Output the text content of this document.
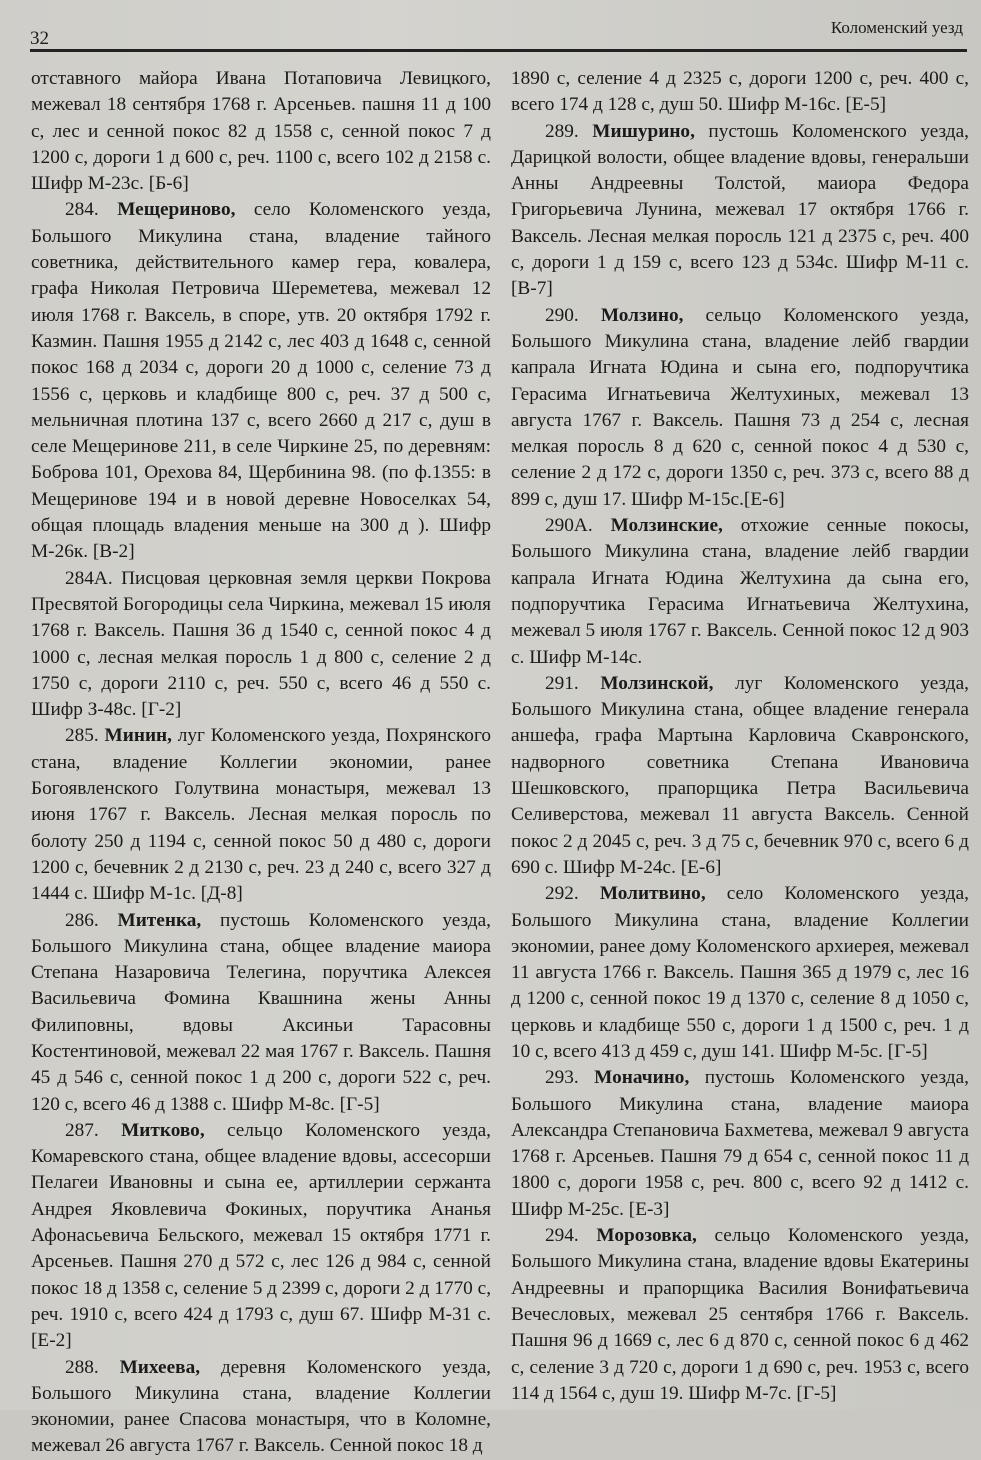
32
Коломенский уезд

отставного майора Ивана Потаповича Левицкого, межевал 18 сентября 1768 г. Арсеньев. пашня 11 д 100 с, лес и сенной покос 82 д 1558 с, сенной покос 7 д 1200 с, дороги 1 д 600 с, реч. 1100 с, всего 102 д 2158 с. Шифр М-23с. [Б-6]

284. Мещериново, село Коломенского уезда, Большого Микулина стана, владение тайного советника, действительного камер гера, ковалера, графа Николая Петровича Шереметева, межевал 12 июля 1768 г. Ваксель, в споре, утв. 20 октября 1792 г. Казмин. Пашня 1955 д 2142 с, лес 403 д 1648 с, сенной покос 168 д 2034 с, дороги 20 д 1000 с, селение 73 д 1556 с, церковь и кладбище 800 с, реч. 37 д 500 с, мельничная плотина 137 с, всего 2660 д 217 с, душ в селе Мещеринове 211, в селе Чиркине 25, по деревням: Боброва 101, Орехова 84, Щербинина 98. (по ф.1355: в Мещеринове 194 и в новой деревне Новоселках 54, общая площадь владения меньше на 300 д ). Шифр М-26к. [В-2]

284А. Писцовая церковная земля церкви Покрова Пресвятой Богородицы села Чиркина, межевал 15 июля 1768 г. Ваксель. Пашня 36 д 1540 с, сенной покос 4 д 1000 с, лесная мелкая поросль 1 д 800 с, селение 2 д 1750 с, дороги 2110 с, реч. 550 с, всего 46 д 550 с. Шифр З-48с. [Г-2]

285. Минин, луг Коломенского уезда, Похрянского стана, владение Коллегии экономии, ранее Богоявленского Голутвина монастыря, межевал 13 июня 1767 г. Ваксель. Лесная мелкая поросль по болоту 250 д 1194 с, сенной покос 50 д 480 с, дороги 1200 с, бечевник 2 д 2130 с, реч. 23 д 240 с, всего 327 д 1444 с. Шифр М-1с. [Д-8]

286. Митенка, пустошь Коломенского уезда, Большого Микулина стана, общее владение маиора Степана Назаровича Телегина, поручтика Алексея Васильевича Фомина Квашнина жены Анны Филиповны, вдовы Аксиньи Тарасовны Костентиновой, межевал 22 мая 1767 г. Ваксель. Пашня 45 д 546 с, сенной покос 1 д 200 с, дороги 522 с, реч. 120 с, всего 46 д 1388 с. Шифр М-8с. [Г-5]

287. Митково, сельцо Коломенского уезда, Комаревского стана, общее владение вдовы, ассесорши Пелагеи Ивановны и сына ее, артиллерии сержанта Андрея Яковлевича Фокиных, поручтика Ананья Афонасьевича Бельского, межевал 15 октября 1771 г. Арсеньев. Пашня 270 д 572 с, лес 126 д 984 с, сенной покос 18 д 1358 с, селение 5 д 2399 с, дороги 2 д 1770 с, реч. 1910 с, всего 424 д 1793 с, душ 67. Шифр М-31 с. [Е-2]

288. Михеева, деревня Коломенского уезда, Большого Микулина стана, владение Коллегии экономии, ранее Спасова монастыря, что в Коломне, межевал 26 августа 1767 г. Ваксель. Сенной покос 18 д

1890 с, селение 4 д 2325 с, дороги 1200 с, реч. 400 с, всего 174 д 128 с, душ 50. Шифр М-16с. [Е-5]

289. Мишурино, пустошь Коломенского уезда, Дарицкой волости, общее владение вдовы, генеральши Анны Андреевны Толстой, маиора Федора Григорьевича Лунина, межевал 17 октября 1766 г. Ваксель. Лесная мелкая поросль 121 д 2375 с, реч. 400 с, дороги 1 д 159 с, всего 123 д 534с. Шифр М-11 с. [В-7]

290. Молзино, сельцо Коломенского уезда, Большого Микулина стана, владение лейб гвардии капрала Игната Юдина и сына его, подпоручтика Герасима Игнатьевича Желтухиных, межевал 13 августа 1767 г. Ваксель. Пашня 73 д 254 с, лесная мелкая поросль 8 д 620 с, сенной покос 4 д 530 с, селение 2 д 172 с, дороги 1350 с, реч. 373 с, всего 88 д 899 с, душ 17. Шифр М-15с.[Е-6]

290А. Молзинские, отхожие сенные покосы, Большого Микулина стана, владение лейб гвардии капрала Игната Юдина Желтухина да сына его, подпоручтика Герасима Игнатьевича Желтухина, межевал 5 июля 1767 г. Ваксель. Сенной покос 12 д 903 с. Шифр М-14с.

291. Молзинской, луг Коломенского уезда, Большого Микулина стана, общее владение генерала аншефа, графа Мартына Карловича Скавронского, надворного советника Степана Ивановича Шешковского, прапорщика Петра Васильевича Селиверстова, межевал 11 августа Ваксель. Сенной покос 2 д 2045 с, реч. 3 д 75 с, бечевник 970 с, всего 6 д 690 с. Шифр М-24с. [Е-6]

292. Молитвино, село Коломенского уезда, Большого Микулина стана, владение Коллегии экономии, ранее дому Коломенского архиерея, межевал 11 августа 1766 г. Ваксель. Пашня 365 д 1979 с, лес 16 д 1200 с, сенной покос 19 д 1370 с, селение 8 д 1050 с, церковь и кладбище 550 с, дороги 1 д 1500 с, реч. 1 д 10 с, всего 413 д 459 с, душ 141. Шифр М-5с. [Г-5]

293. Моначино, пустошь Коломенского уезда, Большого Микулина стана, владение маиора Александра Степановича Бахметева, межевал 9 августа 1768 г. Арсеньев. Пашня 79 д 654 с, сенной покос 11 д 1800 с, дороги 1958 с, реч. 800 с, всего 92 д 1412 с. Шифр М-25с. [Е-3]

294. Морозовка, сельцо Коломенского уезда, Большого Микулина стана, владение вдовы Екатерины Андреевны и прапорщика Василия Вонифатьевича Вечесловых, межевал 25 сентября 1766 г. Ваксель. Пашня 96 д 1669 с, лес 6 д 870 с, сенной покос 6 д 462 с, селение 3 д 720 с, дороги 1 д 690 с, реч. 1953 с, всего 114 д 1564 с, душ 19. Шифр М-7с. [Г-5]
